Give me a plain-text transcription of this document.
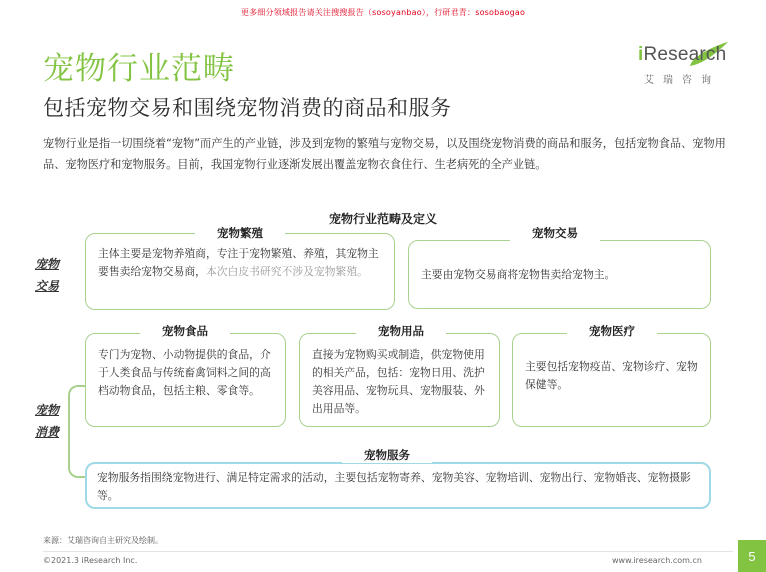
更多细分领域报告请关注搜搜报告（sosoyanbao），行研君青：sosobaogao
宠物行业范畴
包括宠物交易和围绕宠物消费的商品和服务
iResearch
艾瑞咨询
宠物行业是指一切围绕着“宠物”而产生的产业链，涉及到宠物的繁殖与宠物交易，以及围绕宠物消费的商品和服务，包括宠物食品、宠物用品、宠物医疗和宠物服务。目前，我国宠物行业逐渐发展出覆盖宠物衣食住行、生老病死的全产业链。
宠物行业范畴及定义
宠物
交易
宠物繁殖
主体主要是宠物养殖商，专注于宠物繁殖、养殖，其宠物主要售卖给宠物交易商，本次白皮书研究不涉及宠物繁殖。
宠物交易
主要由宠物交易商将宠物售卖给宠物主。
宠物
消费
宠物食品
专门为宠物、小动物提供的食品，介于人类食品与传统畜禽饲料之间的高档动物食品，包括主粮、零食等。
宠物用品
直接为宠物购买或制造，供宠物使用的相关产品，包括：宠物日用、洗护美容用品、宠物玩具、宠物服装、外出用品等。
宠物医疗
主要包括宠物疫苗、宠物诊疗、宠物保健等。
宠物服务
宠物服务指围绕宠物进行、满足特定需求的活动，主要包括宠物寄养、宠物美容、宠物培训、宠物出行、宠物婚丧、宠物摄影等。
来源：艾瑞咨询自主研究及绘制。
©2021.3 iResearch Inc.	www.iresearch.com.cn	5
